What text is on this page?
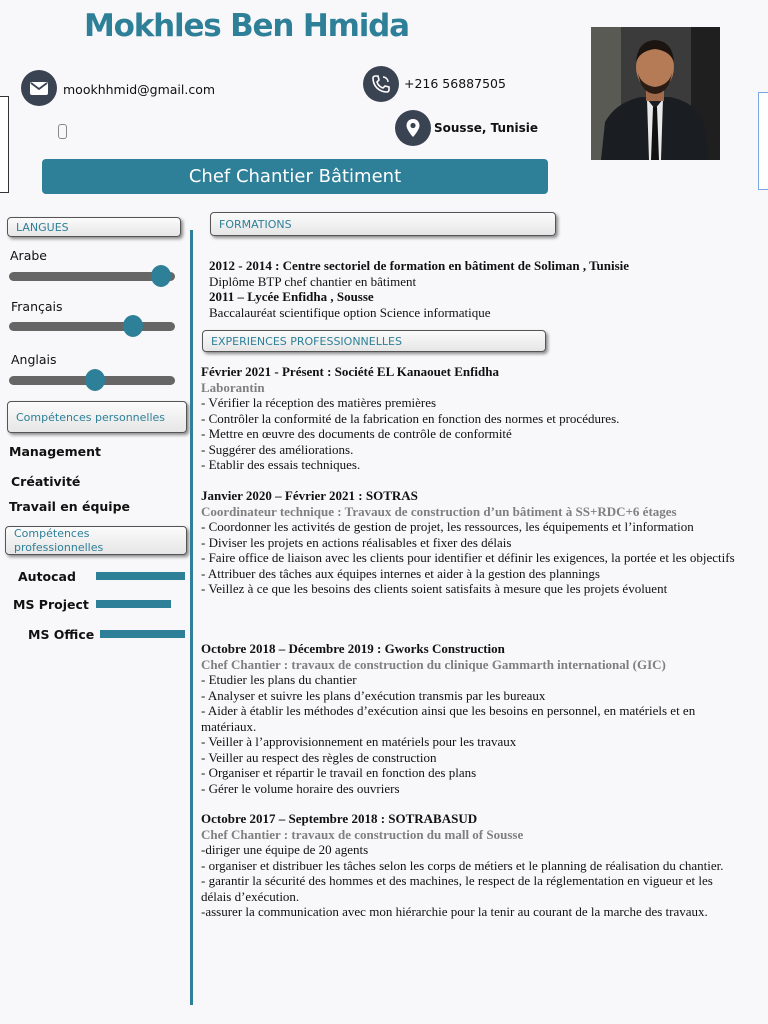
Mokhles Ben Hmida
mookhhmid@gmail.com	+216 56887505
Sousse, Tunisie
Chef Chantier Bâtiment
LANGUES
Arabe
Français
Anglais
Compétences personnelles
Management
Créativité
Travail en équipe
Compétences professionnelles
Autocad
MS Project
MS Office
FORMATIONS
2012 - 2014 : Centre sectoriel de formation en bâtiment de Soliman , Tunisie
Diplôme BTP chef chantier en bâtiment
2011 – Lycée Enfidha , Sousse
Baccalauréat scientifique option Science informatique
EXPERIENCES PROFESSIONNELLES
Février 2021 - Présent : Société EL Kanaouet Enfidha
Laborantin
- Vérifier la réception des matières premières
- Contrôler la conformité de la fabrication en fonction des normes et procédures.
- Mettre en œuvre des documents de contrôle de conformité
- Suggérer des améliorations.
- Etablir des essais techniques.
Janvier 2020 – Février 2021 : SOTRAS
Coordinateur technique : Travaux de construction d’un bâtiment à SS+RDC+6 étages
- Coordonner les activités de gestion de projet, les ressources, les équipements et l’information
- Diviser les projets en actions réalisables et fixer des délais
- Faire office de liaison avec les clients pour identifier et définir les exigences, la portée et les objectifs
- Attribuer des tâches aux équipes internes et aider à la gestion des plannings
- Veillez à ce que les besoins des clients soient satisfaits à mesure que les projets évoluent
Octobre 2018 – Décembre 2019 : Gworks Construction
Chef Chantier : travaux de construction du clinique Gammarth international (GIC)
- Etudier les plans du chantier
- Analyser et suivre les plans d’exécution transmis par les bureaux
- Aider à établir les méthodes d’exécution ainsi que les besoins en personnel, en matériels et en matériaux.
- Veiller à l’approvisionnement en matériels pour les travaux
- Veiller au respect des règles de construction
- Organiser et répartir le travail en fonction des plans
- Gérer le volume horaire des ouvriers
Octobre 2017 – Septembre 2018 : SOTRABASUD
Chef Chantier : travaux de construction du mall of Sousse
-diriger une équipe de 20 agents
- organiser et distribuer les tâches selon les corps de métiers et le planning de réalisation du chantier.
- garantir la sécurité des hommes et des machines, le respect de la réglementation en vigueur et les délais d’exécution.
-assurer la communication avec mon hiérarchie pour la tenir au courant de la marche des travaux.
